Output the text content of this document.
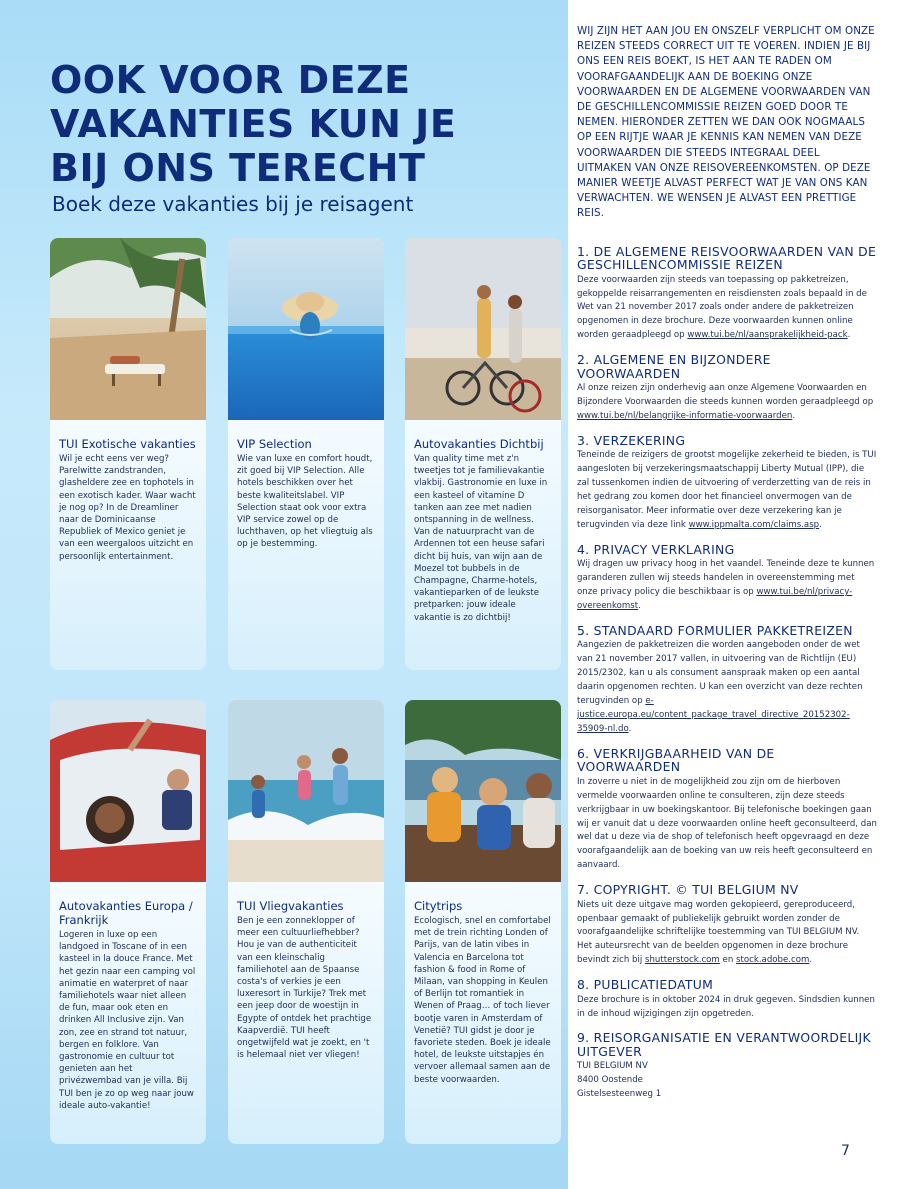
OOK VOOR DEZE
VAKANTIES KUN JE
BIJ ONS TERECHT
Boek deze vakanties bij je reisagent
TUI Exotische vakanties
Wil je echt eens ver weg? Parelwitte zandstranden, glasheldere zee en tophotels in een exotisch kader. Waar wacht je nog op? In de Dreamliner naar de Dominicaanse Republiek of Mexico geniet je van een weergaloos uitzicht en persoonlijk entertainment.
VIP Selection
Wie van luxe en comfort houdt, zit goed bij VIP Selection. Alle hotels beschikken over het beste kwaliteitslabel. VIP Selection staat ook voor extra VIP service zowel op de luchthaven, op het vliegtuig als op je bestemming.
Autovakanties Dichtbij
Van quality time met z'n tweetjes tot je familievakantie vlakbij. Gastronomie en luxe in een kasteel of vitamine D tanken aan zee met nadien ontspanning in de wellness. Van de natuurpracht van de Ardennen tot een heuse safari dicht bij huis, van wijn aan de Moezel tot bubbels in de Champagne, Charme-hotels, vakantieparken of de leukste pretparken: jouw ideale vakantie is zo dichtbij!
Autovakanties Europa / Frankrijk
Logeren in luxe op een landgoed in Toscane of in een kasteel in la douce France. Met het gezin naar een camping vol animatie en waterpret of naar familiehotels waar niet alleen de fun, maar ook eten en drinken All Inclusive zijn. Van zon, zee en strand tot natuur, bergen en folklore. Van gastronomie en cultuur tot genieten aan het privézwembad van je villa. Bij TUI ben je zo op weg naar jouw ideale auto-vakantie!
TUI Vliegvakanties
Ben je een zonneklopper of meer een cultuurliefhebber? Hou je van de authenticiteit van een kleinschalig familiehotel aan de Spaanse costa's of verkies je een luxeresort in Turkije? Trek met een jeep door de woestijn in Egypte of ontdek het prachtige Kaapverdië. TUI heeft ongetwijfeld wat je zoekt, en 't is helemaal niet ver vliegen!
Citytrips
Ecologisch, snel en comfortabel met de trein richting Londen of Parijs, van de latin vibes in Valencia en Barcelona tot fashion & food in Rome of Milaan, van shopping in Keulen of Berlijn tot romantiek in Wenen of Praag… of toch liever bootje varen in Amsterdam of Venetië? TUI gidst je door je favoriete steden. Boek je ideale hotel, de leukste uitstapjes én vervoer allemaal samen aan de beste voorwaarden.
WIJ ZIJN HET AAN JOU EN ONSZELF VERPLICHT OM ONZE REIZEN STEEDS CORRECT UIT TE VOEREN. INDIEN JE BIJ ONS EEN REIS BOEKT, IS HET AAN TE RADEN OM VOORAFGAANDELIJK AAN DE BOEKING ONZE VOORWAARDEN EN DE ALGEMENE VOORWAARDEN VAN DE GESCHILLENCOMMISSIE REIZEN GOED DOOR TE NEMEN. HIERONDER ZETTEN WE DAN OOK NOGMAALS OP EEN RIJTJE WAAR JE KENNIS KAN NEMEN VAN DEZE VOORWAARDEN DIE STEEDS INTEGRAAL DEEL UITMAKEN VAN ONZE REISOVEREENKOMSTEN. OP DEZE MANIER WEETJE ALVAST PERFECT WAT JE VAN ONS KAN VERWACHTEN. WE WENSEN JE ALVAST EEN PRETTIGE REIS.
1. DE ALGEMENE REISVOORWAARDEN VAN DE GESCHILLENCOMMISSIE REIZEN
Deze voorwaarden zijn steeds van toepassing op pakketreizen, gekoppelde reisarrangementen en reisdiensten zoals bepaald in de Wet van 21 november 2017 zoals onder andere de pakketreizen opgenomen in deze brochure. Deze voorwaarden kunnen online worden geraadpleegd op www.tui.be/nl/aansprakelijkheid-pack.
2. ALGEMENE EN BIJZONDERE VOORWAARDEN
Al onze reizen zijn onderhevig aan onze Algemene Voorwaarden en Bijzondere Voorwaarden die steeds kunnen worden geraadpleegd op www.tui.be/nl/belangrijke-informatie-voorwaarden.
3. VERZEKERING
Teneinde de reizigers de grootst mogelijke zekerheid te bieden, is TUI aangesloten bij verzekeringsmaatschappij Liberty Mutual (IPP), die zal tussenkomen indien de uitvoering of verderzetting van de reis in het gedrang zou komen door het financieel onvermogen van de reisorganisator. Meer informatie over deze verzekering kan je terugvinden via deze link www.ippmalta.com/claims.asp.
4. PRIVACY VERKLARING
Wij dragen uw privacy hoog in het vaandel. Teneinde deze te kunnen garanderen zullen wij steeds handelen in overeenstemming met onze privacy policy die beschikbaar is op www.tui.be/nl/privacy-overeenkomst.
5. STANDAARD FORMULIER PAKKETREIZEN
Aangezien de pakketreizen die worden aangeboden onder de wet van 21 november 2017 vallen, in uitvoering van de Richtlijn (EU) 2015/2302, kan u als consument aanspraak maken op een aantal daarin opgenomen rechten. U kan een overzicht van deze rechten terugvinden op e-justice.europa.eu/content_package_travel_directive_20152302-35909-nl.do.
6. VERKRIJGBAARHEID VAN DE VOORWAARDEN
In zoverre u niet in de mogelijkheid zou zijn om de hierboven vermelde voorwaarden online te consulteren, zijn deze steeds verkrijgbaar in uw boekingskantoor. Bij telefonische boekingen gaan wij er vanuit dat u deze voorwaarden online heeft geconsulteerd, dan wel dat u deze via de shop of telefonisch heeft opgevraagd en deze voorafgaandelijk aan de boeking van uw reis heeft geconsulteerd en aanvaard.
7. COPYRIGHT. © TUI BELGIUM NV
Niets uit deze uitgave mag worden gekopieerd, gereproduceerd, openbaar gemaakt of publiekelijk gebruikt worden zonder de voorafgaandelijke schriftelijke toestemming van TUI BELGIUM NV. Het auteursrecht van de beelden opgenomen in deze brochure bevindt zich bij shutterstock.com en stock.adobe.com.
8. PUBLICATIEDATUM
Deze brochure is in oktober 2024 in druk gegeven. Sindsdien kunnen in de inhoud wijzigingen zijn opgetreden.
9. REISORGANISATIE EN VERANTWOORDELIJK UITGEVER
TUI BELGIUM NV
8400 Oostende
Gistelsesteenweg 1
7
